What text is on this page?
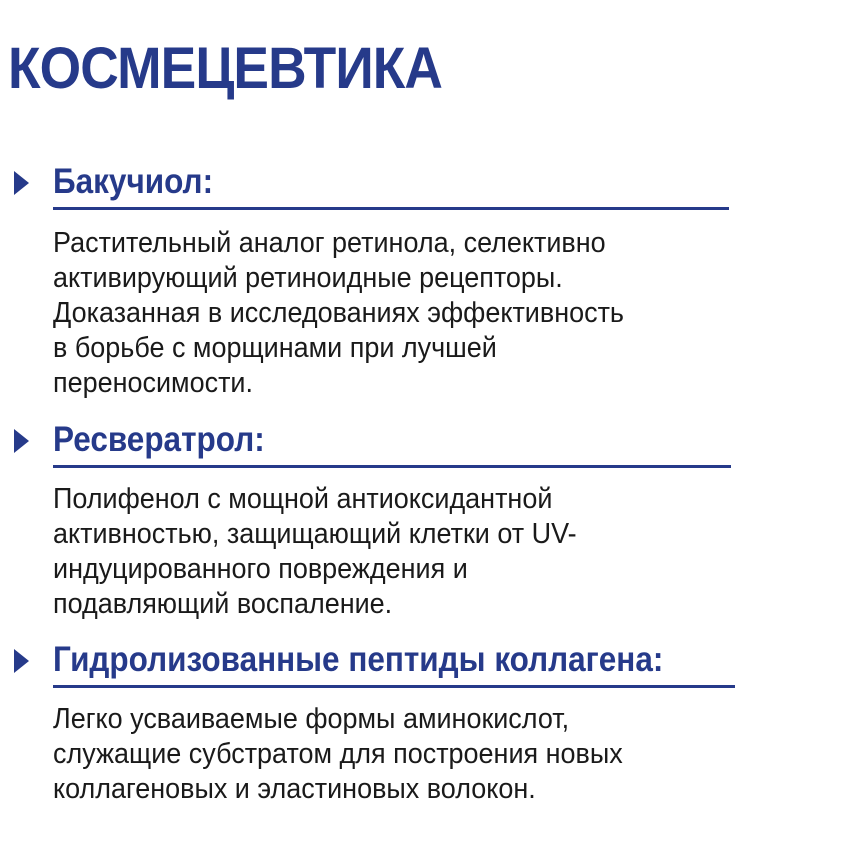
КОСМЕЦЕВТИКА
Бакучиол:

Растительный аналог ретинола, селективно
активирующий ретиноидные рецепторы.
Доказанная в исследованиях эффективность
в борьбе с морщинами при лучшей
переносимости.

Ресвератрол:

Полифенол с мощной антиоксидантной
активностью, защищающий клетки от UV-
индуцированного повреждения и
подавляющий воспаление.

Гидролизованные пептиды коллагена:

Легко усваиваемые формы аминокислот,
служащие субстратом для построения новых
коллагеновых и эластиновых волокон.
